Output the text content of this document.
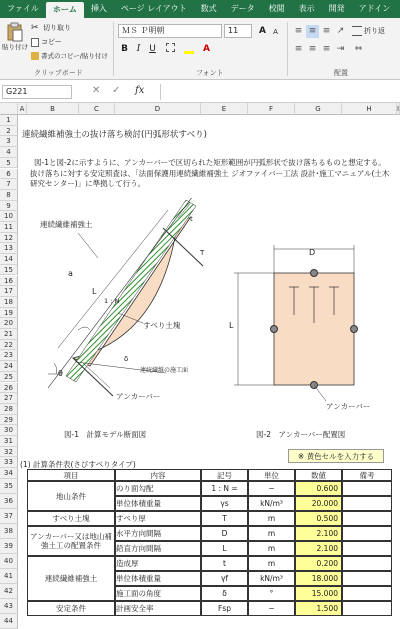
ファイル	ホーム	挿入	ページ レイアウト	数式	データ	校閲	表示	開発	アドイン
貼り付け
✂ 切り取り
コピー
書式のコピー/貼り付け
クリップボード
ＭＳ Ｐ明朝	11	A	A
B I U	A
フォント
≡ ≡ ≡ ↗	折り返
≡ ≡ ≡ ⇥	⇔
配置
G221	✕ ✓ fx
A	B	C	D	E	F	G	H	I
1
2
3
4
5
6
7
8
9
10
11
12
13
14
15
16
17
18
19
20
21
22
23
24
25
26
27
28
29
30
31
32
33
34
35
36
37
38
39
40
41
42
43
44
連続繊維補強土の抜け落ち検討(円弧形状すべり)
図-1と図-2に示すように、アンカーバーで区切られた矩形範囲が円弧形状で抜け落ちるものと想定する。
抜け落ちに対する安定照査は、「法面保護用連続繊維補強土 ジオファイバー工法 設計･施工マニュアル(土木研究センター)」に準拠して行う。
連続繊維補強土
すべり土塊
連続繊維の施工面
アンカーバー
a
L
1 : N
t
T
θ
δ
D
L
アンカーバー
図-1　計算モデル断面図	図-2　アンカーバー配置図
※ 黄色セルを入力する
(1) 計算条件表(さびすべりタイプ)
項目	内容	記号	単位	数値	備考
地山条件
すべり土塊
アンカーバー又は地山補強土工の配置条件
連続繊維補強土
安定条件
のり面勾配	1 : N =	−	0.600
単位体積重量	γs	kN/m³	20.000
すべり厚	T	m	0.500
水平方向間隔	D	m	2.100
鉛直方向間隔	L	m	2.100
造成厚	t	m	0.200
単位体積重量	γf	kN/m³	18.000
施工面の角度	δ	°	15.000
計画安全率	Fsp	−	1.500
